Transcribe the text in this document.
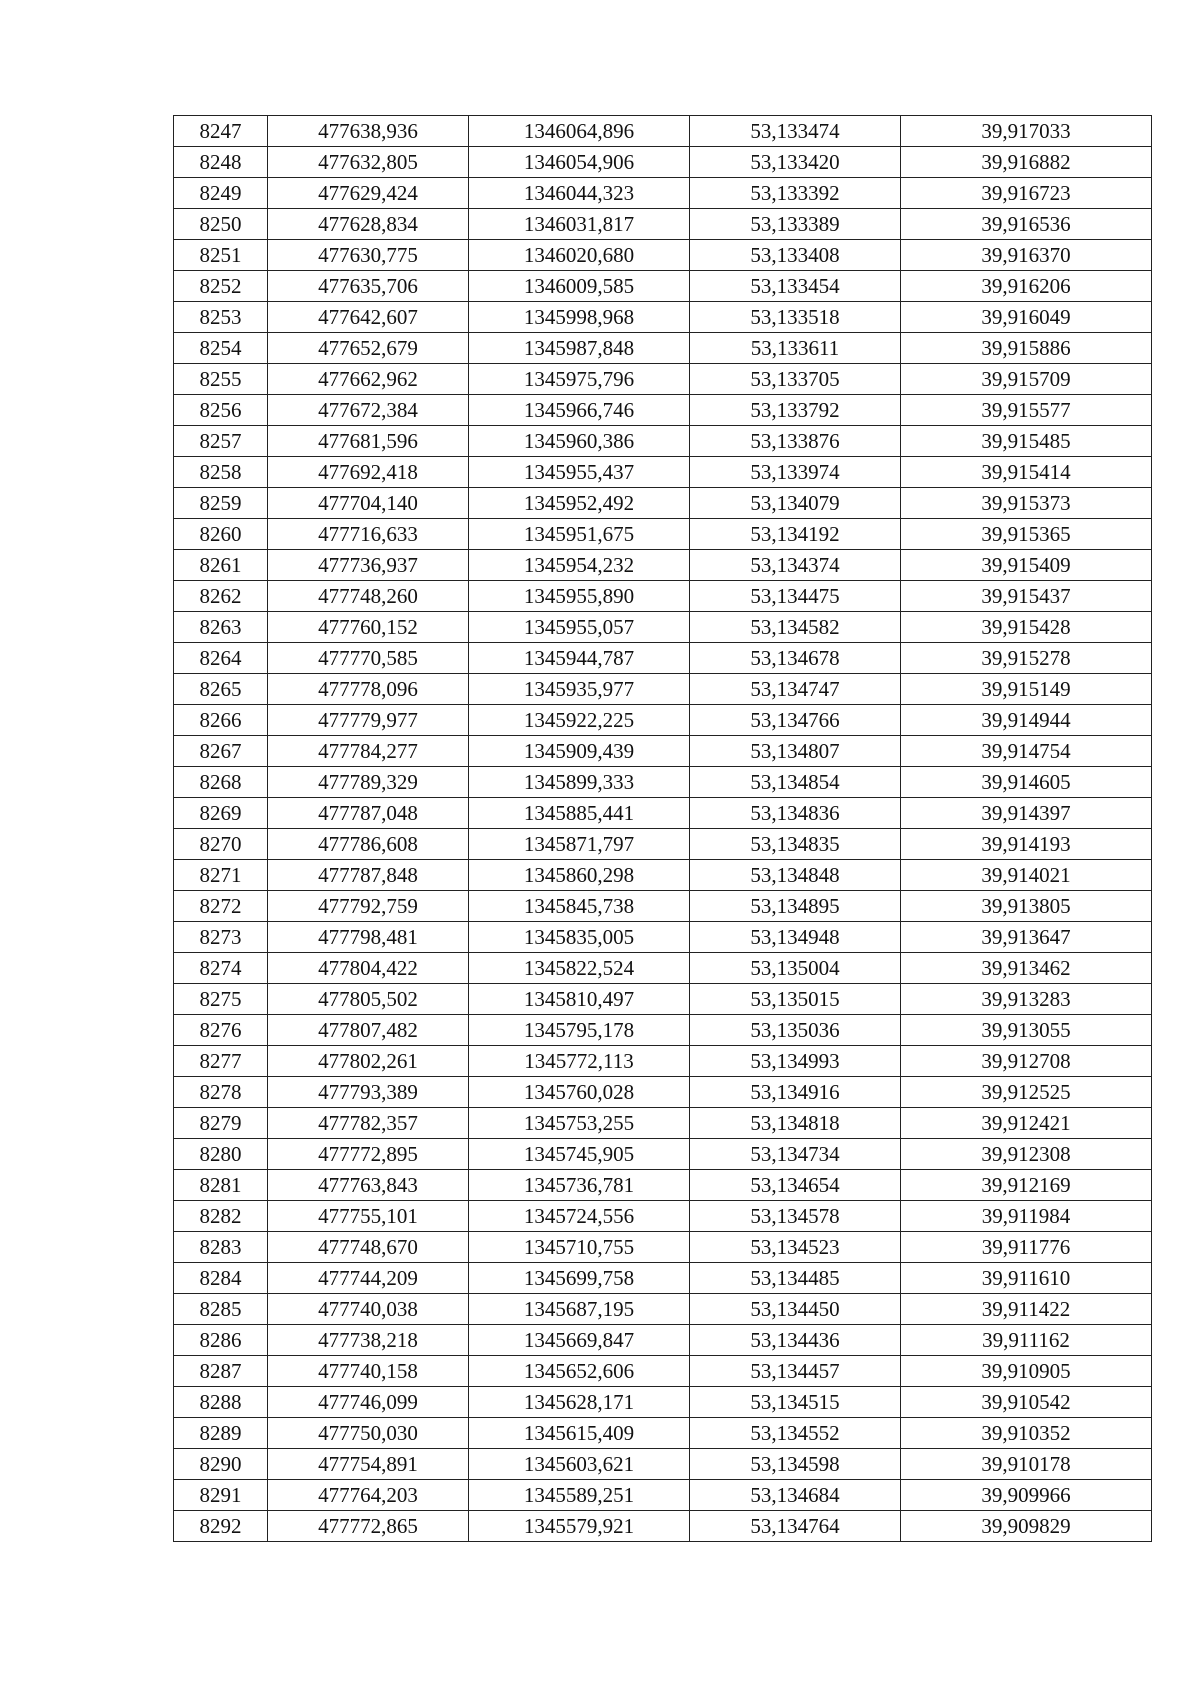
8247	477638,936	1346064,896	53,133474	39,917033
8248	477632,805	1346054,906	53,133420	39,916882
8249	477629,424	1346044,323	53,133392	39,916723
8250	477628,834	1346031,817	53,133389	39,916536
8251	477630,775	1346020,680	53,133408	39,916370
8252	477635,706	1346009,585	53,133454	39,916206
8253	477642,607	1345998,968	53,133518	39,916049
8254	477652,679	1345987,848	53,133611	39,915886
8255	477662,962	1345975,796	53,133705	39,915709
8256	477672,384	1345966,746	53,133792	39,915577
8257	477681,596	1345960,386	53,133876	39,915485
8258	477692,418	1345955,437	53,133974	39,915414
8259	477704,140	1345952,492	53,134079	39,915373
8260	477716,633	1345951,675	53,134192	39,915365
8261	477736,937	1345954,232	53,134374	39,915409
8262	477748,260	1345955,890	53,134475	39,915437
8263	477760,152	1345955,057	53,134582	39,915428
8264	477770,585	1345944,787	53,134678	39,915278
8265	477778,096	1345935,977	53,134747	39,915149
8266	477779,977	1345922,225	53,134766	39,914944
8267	477784,277	1345909,439	53,134807	39,914754
8268	477789,329	1345899,333	53,134854	39,914605
8269	477787,048	1345885,441	53,134836	39,914397
8270	477786,608	1345871,797	53,134835	39,914193
8271	477787,848	1345860,298	53,134848	39,914021
8272	477792,759	1345845,738	53,134895	39,913805
8273	477798,481	1345835,005	53,134948	39,913647
8274	477804,422	1345822,524	53,135004	39,913462
8275	477805,502	1345810,497	53,135015	39,913283
8276	477807,482	1345795,178	53,135036	39,913055
8277	477802,261	1345772,113	53,134993	39,912708
8278	477793,389	1345760,028	53,134916	39,912525
8279	477782,357	1345753,255	53,134818	39,912421
8280	477772,895	1345745,905	53,134734	39,912308
8281	477763,843	1345736,781	53,134654	39,912169
8282	477755,101	1345724,556	53,134578	39,911984
8283	477748,670	1345710,755	53,134523	39,911776
8284	477744,209	1345699,758	53,134485	39,911610
8285	477740,038	1345687,195	53,134450	39,911422
8286	477738,218	1345669,847	53,134436	39,911162
8287	477740,158	1345652,606	53,134457	39,910905
8288	477746,099	1345628,171	53,134515	39,910542
8289	477750,030	1345615,409	53,134552	39,910352
8290	477754,891	1345603,621	53,134598	39,910178
8291	477764,203	1345589,251	53,134684	39,909966
8292	477772,865	1345579,921	53,134764	39,909829
